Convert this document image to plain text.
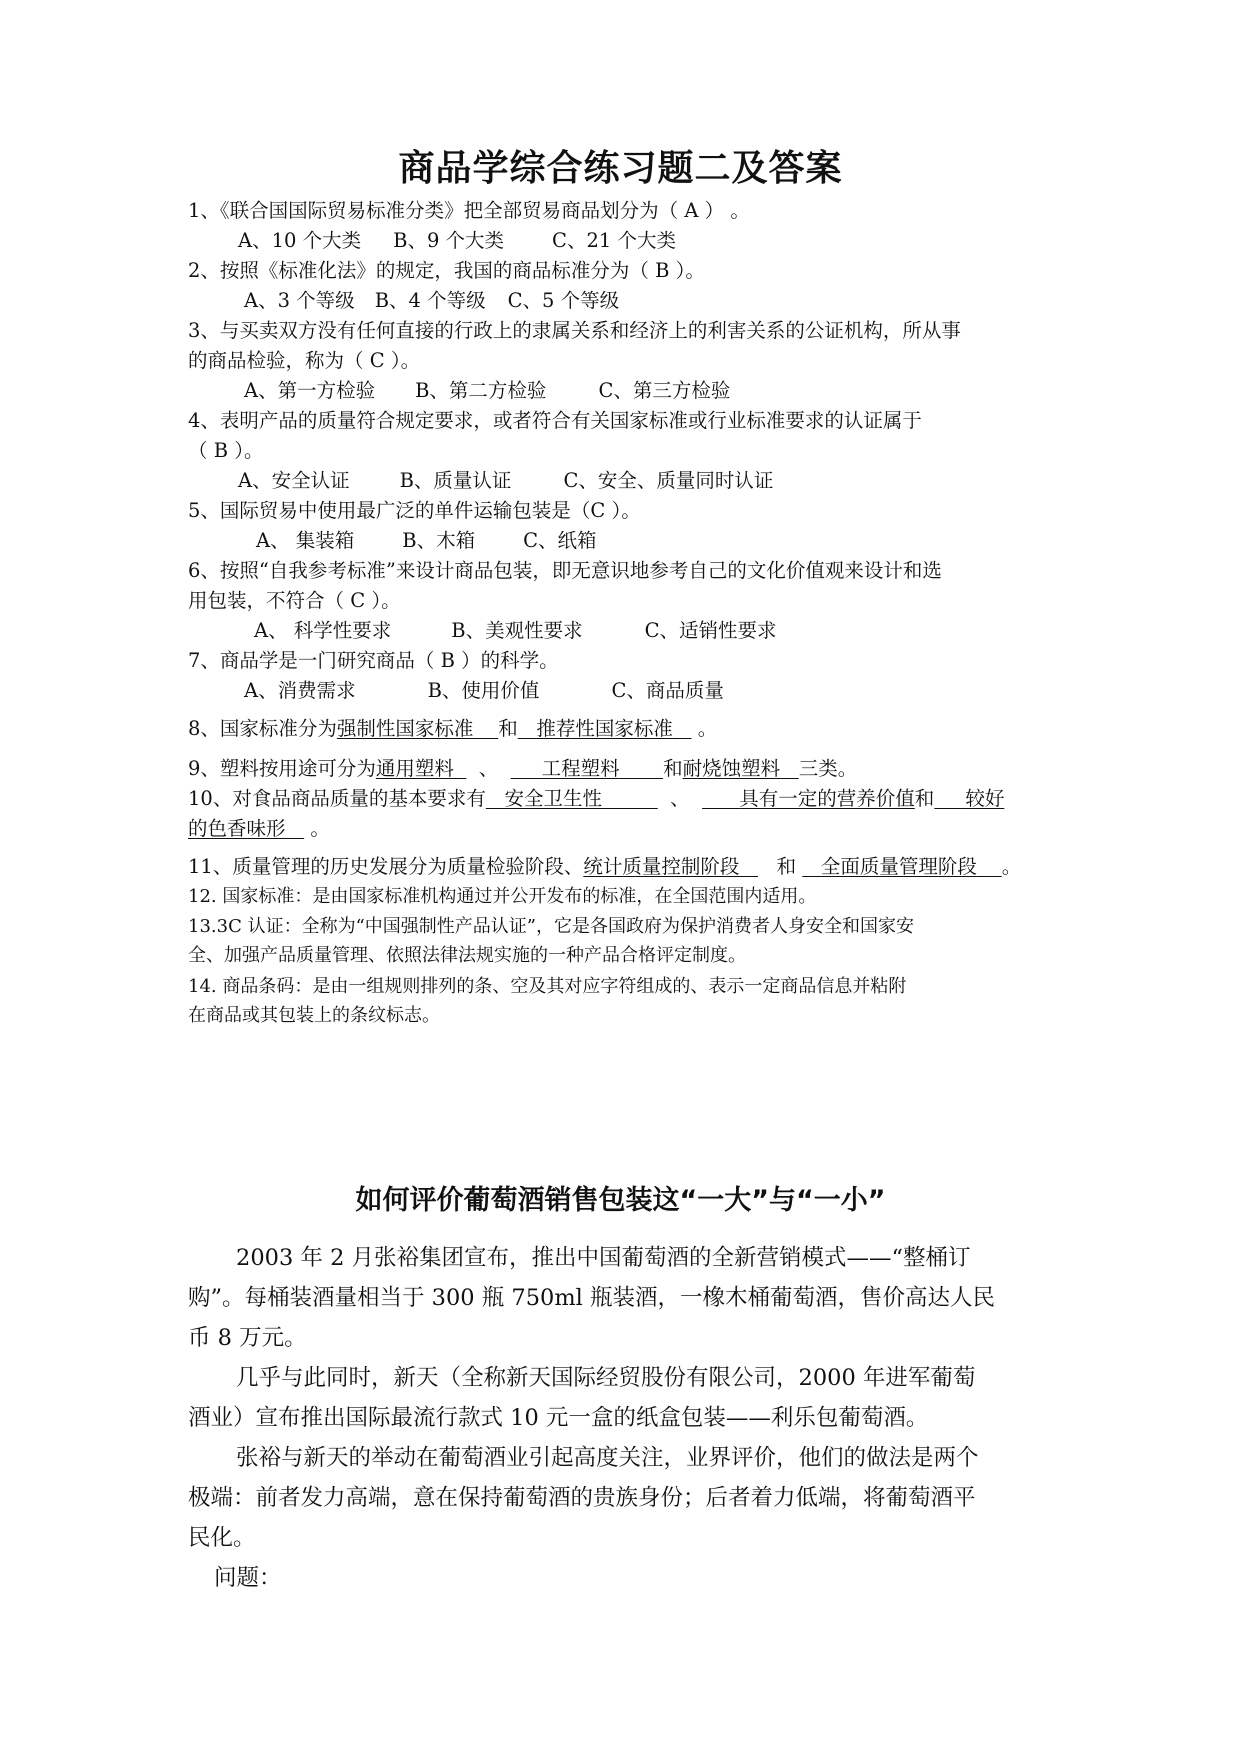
商品学综合练习题二及答案
1、《联合国国际贸易标准分类》把全部贸易商品划分为（ A ） 。
A、10 个大类 B、9 个大类 C、21 个大类
2、按照《标准化法》的规定，我国的商品标准分为（ B ）。
A、3 个等级 B、4 个等级 C、5 个等级
3、与买卖双方没有任何直接的行政上的隶属关系和经济上的利害关系的公证机构，所从事
的商品检验，称为（ C ）。
A、第一方检验 B、第二方检验	C、第三方检验
4、表明产品的质量符合规定要求，或者符合有关国家标准或行业标准要求的认证属于
（ B ）。
A、安全认证	B、质量认证	C、安全、质量同时认证
5、国际贸易中使用最广泛的单件运输包装是（C ）。
A、 集装箱 B、木箱 C、纸箱
6、按照“自我参考标准”来设计商品包装，即无意识地参考自己的文化价值观来设计和选
用包装，不符合（ C ）。
A、 科学性要求	B、美观性要求	C、适销性要求
7、商品学是一门研究商品（ B ）的科学。
A、消费需求	B、使用价值	C、商品质量
8、国家标准分为强制性国家标准 和 推荐性国家标准 。
9、塑料按用途可分为通用塑料 、 工程塑料 和耐烧蚀塑料 三类。
10、对食品商品质量的基本要求有 安全卫生性	、	具有一定的营养价值和 较好
的色香味形 。
11、质量管理的历史发展分为质量检验阶段、统计质量控制阶段 和 全面质量管理阶段 。
12. 国家标准：是由国家标准机构通过并公开发布的标准，在全国范围内适用。
13.3C 认证：全称为“中国强制性产品认证”，它是各国政府为保护消费者人身安全和国家安
全、加强产品质量管理、依照法律法规实施的一种产品合格评定制度。
14. 商品条码：是由一组规则排列的条、空及其对应字符组成的、表示一定商品信息并粘附
在商品或其包装上的条纹标志。
如何评价葡萄酒销售包装这“一大”与“一小”
2003 年 2 月张裕集团宣布，推出中国葡萄酒的全新营销模式——“整桶订
购”。每桶装酒量相当于 300 瓶 750ml 瓶装酒，一橡木桶葡萄酒，售价高达人民
币 8 万元。
几乎与此同时，新天（全称新天国际经贸股份有限公司，2000 年进军葡萄
酒业）宣布推出国际最流行款式 10 元一盒的纸盒包装——利乐包葡萄酒。
张裕与新天的举动在葡萄酒业引起高度关注，业界评价，他们的做法是两个
极端：前者发力高端，意在保持葡萄酒的贵族身份；后者着力低端，将葡萄酒平
民化。
问题：
